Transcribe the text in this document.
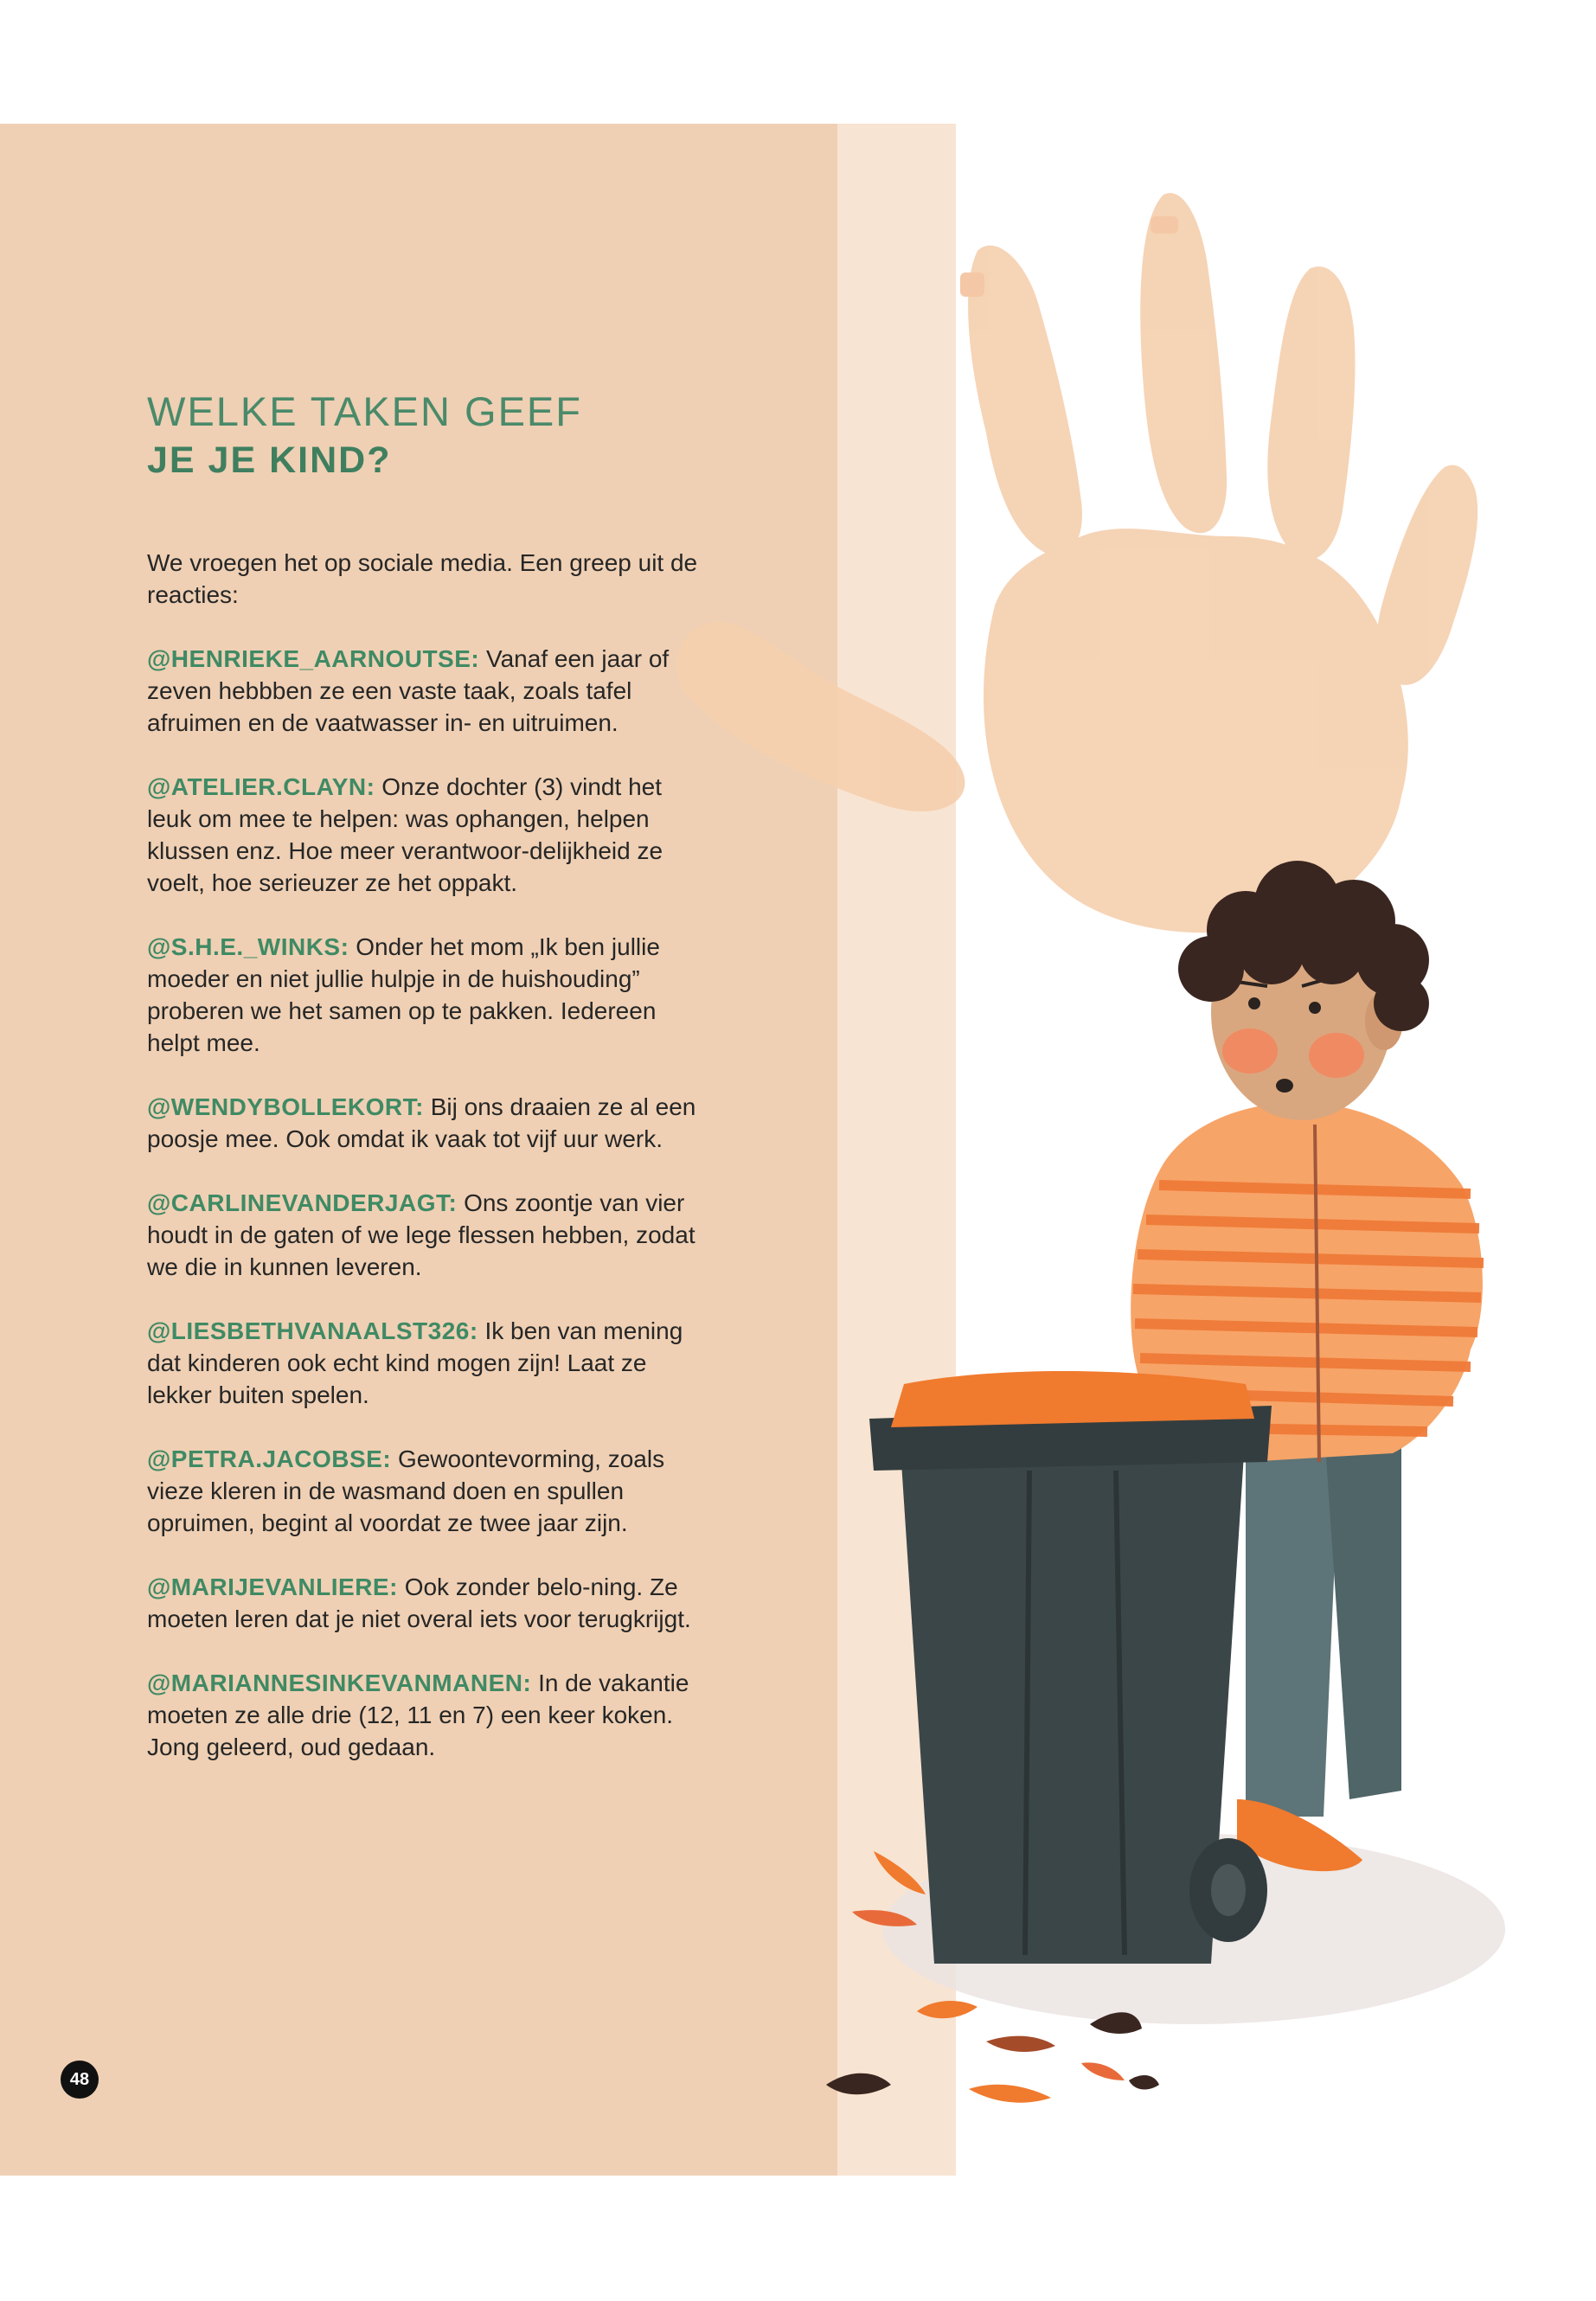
WELKE TAKEN GEEF
JE JE KIND?

We vroegen het op sociale media. Een greep uit de reacties:

@HENRIEKE_AARNOUTSE: Vanaf een jaar of zeven hebbben ze een vaste taak, zoals tafel afruimen en de vaatwasser in- en uitruimen.

@ATELIER.CLAYN: Onze dochter (3) vindt het leuk om mee te helpen: was ophangen, helpen klussen enz. Hoe meer verantwoor-delijkheid ze voelt, hoe serieuzer ze het oppakt.

@S.H.E._WINKS: Onder het mom „Ik ben jullie moeder en niet jullie hulpje in de huishouding” proberen we het samen op te pakken. Iedereen helpt mee.

@WENDYBOLLEKORT: Bij ons draaien ze al een poosje mee. Ook omdat ik vaak tot vijf uur werk.

@CARLINEVANDERJAGT: Ons zoontje van vier houdt in de gaten of we lege flessen hebben, zodat we die in kunnen leveren.

@LIESBETHVANAALST326: Ik ben van mening dat kinderen ook echt kind mogen zijn! Laat ze lekker buiten spelen.

@PETRA.JACOBSE: Gewoontevorming, zoals vieze kleren in de wasmand doen en spullen opruimen, begint al voordat ze twee jaar zijn.

@MARIJEVANLIERE: Ook zonder belo-ning. Ze moeten leren dat je niet overal iets voor terugkrijgt.

@MARIANNESINKEVANMANEN: In de vakantie moeten ze alle drie (12, 11 en 7) een keer koken. Jong geleerd, oud gedaan.

48
